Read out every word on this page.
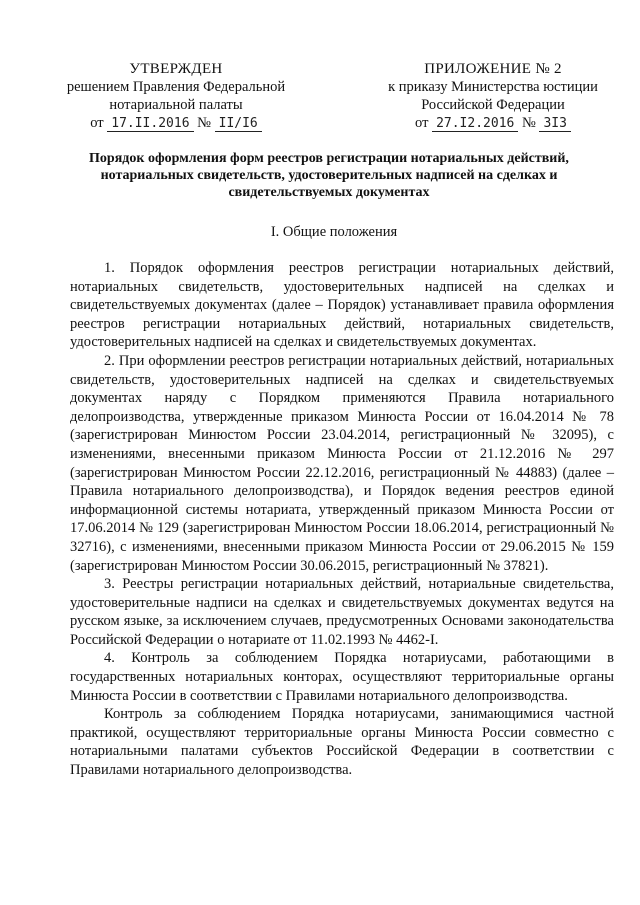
УТВЕРЖДЕН
решением Правления Федеральной
нотариальной палаты
от 17.II.2016 № II/I6
ПРИЛОЖЕНИЕ № 2
к приказу Министерства юстиции
Российской Федерации
от 27.I2.2016 № 3I3
Порядок оформления форм реестров регистрации нотариальных действий, нотариальных свидетельств, удостоверительных надписей на сделках и свидетельствуемых документах
I. Общие положения

1. Порядок оформления реестров регистрации нотариальных действий, нотариальных свидетельств, удостоверительных надписей на сделках и свидетельствуемых документах (далее – Порядок) устанавливает правила оформления реестров регистрации нотариальных действий, нотариальных свидетельств, удостоверительных надписей на сделках и свидетельствуемых документах.

2. При оформлении реестров регистрации нотариальных действий, нотариальных свидетельств, удостоверительных надписей на сделках и свидетельствуемых документах наряду с Порядком применяются Правила нотариального делопроизводства, утвержденные приказом Минюста России от 16.04.2014 № 78 (зарегистрирован Минюстом России 23.04.2014, регистрационный № 32095), с изменениями, внесенными приказом Минюста России от 21.12.2016 № 297 (зарегистрирован Минюстом России 22.12.2016, регистрационный № 44883) (далее – Правила нотариального делопроизводства), и Порядок ведения реестров единой информационной системы нотариата, утвержденный приказом Минюста России от 17.06.2014 № 129 (зарегистрирован Минюстом России 18.06.2014, регистрационный № 32716), с изменениями, внесенными приказом Минюста России от 29.06.2015 № 159 (зарегистрирован Минюстом России 30.06.2015, регистрационный № 37821).

3. Реестры регистрации нотариальных действий, нотариальные свидетельства, удостоверительные надписи на сделках и свидетельствуемых документах ведутся на русском языке, за исключением случаев, предусмотренных Основами законодательства Российской Федерации о нотариате от 11.02.1993 № 4462-I.

4. Контроль за соблюдением Порядка нотариусами, работающими в государственных нотариальных конторах, осуществляют территориальные органы Минюста России в соответствии с Правилами нотариального делопроизводства.

Контроль за соблюдением Порядка нотариусами, занимающимися частной практикой, осуществляют территориальные органы Минюста России совместно с нотариальными палатами субъектов Российской Федерации в соответствии с Правилами нотариального делопроизводства.
